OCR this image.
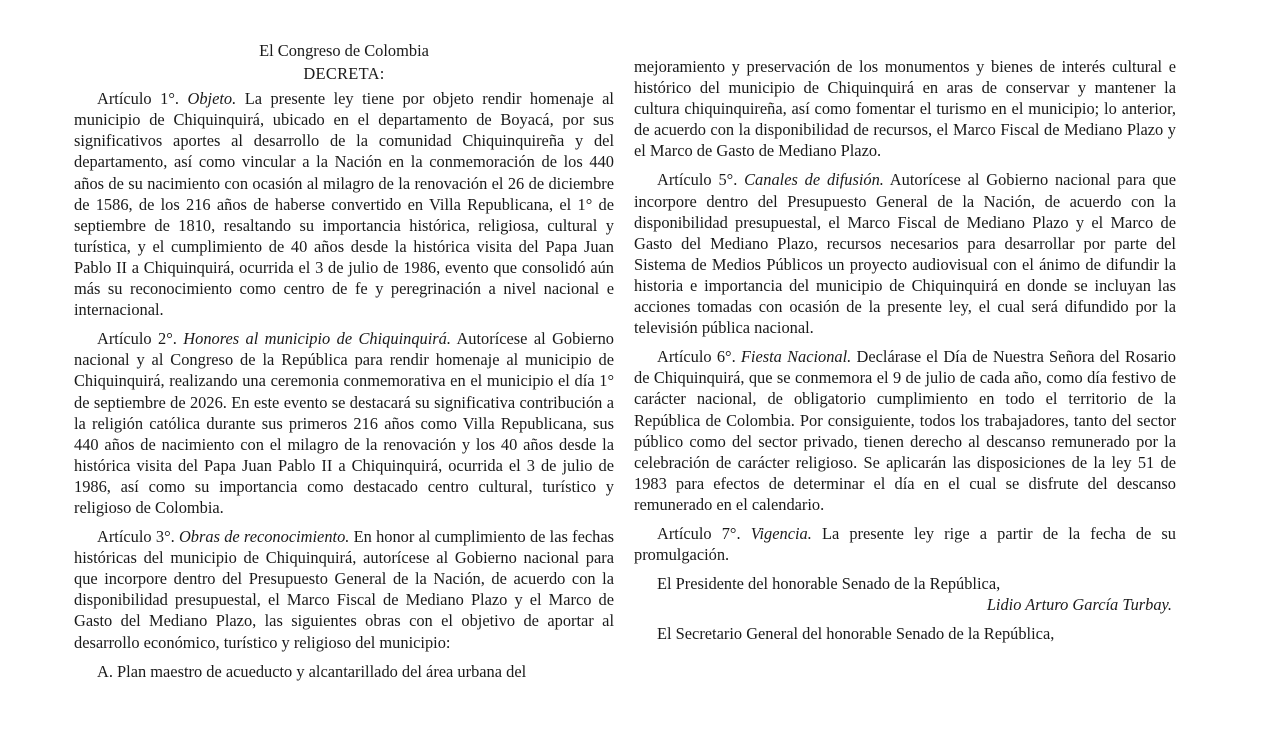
El Congreso de Colombia

DECRETA:

Artículo 1°. Objeto. La presente ley tiene por objeto rendir homenaje al municipio de Chiquinquirá, ubicado en el departamento de Boyacá, por sus significativos aportes al desarrollo de la comunidad Chiquinquireña y del departamento, así como vincular a la Nación en la conmemoración de los 440 años de su nacimiento con ocasión al milagro de la renovación el 26 de diciembre de 1586, de los 216 años de haberse convertido en Villa Republicana, el 1° de septiembre de 1810, resaltando su importancia histórica, religiosa, cultural y turística, y el cumplimiento de 40 años desde la histórica visita del Papa Juan Pablo II a Chiquinquirá, ocurrida el 3 de julio de 1986, evento que consolidó aún más su reconocimiento como centro de fe y peregrinación a nivel nacional e internacional.

Artículo 2°. Honores al municipio de Chiquinquirá. Autorícese al Gobierno nacional y al Congreso de la República para rendir homenaje al municipio de Chiquinquirá, realizando una ceremonia conmemorativa en el municipio el día 1° de septiembre de 2026. En este evento se destacará su significativa contribución a la religión católica durante sus primeros 216 años como Villa Republicana, sus 440 años de nacimiento con el milagro de la renovación y los 40 años desde la histórica visita del Papa Juan Pablo II a Chiquinquirá, ocurrida el 3 de julio de 1986, así como su importancia como destacado centro cultural, turístico y religioso de Colombia.

Artículo 3°. Obras de reconocimiento. En honor al cumplimiento de las fechas históricas del municipio de Chiquinquirá, autorícese al Gobierno nacional para que incorpore dentro del Presupuesto General de la Nación, de acuerdo con la disponibilidad presupuestal, el Marco Fiscal de Mediano Plazo y el Marco de Gasto del Mediano Plazo, las siguientes obras con el objetivo de aportar al desarrollo económico, turístico y religioso del municipio:

A. Plan maestro de acueducto y alcantarillado del área urbana del

mejoramiento y preservación de los monumentos y bienes de interés cultural e histórico del municipio de Chiquinquirá en aras de conservar y mantener la cultura chiquinquireña, así como fomentar el turismo en el municipio; lo anterior, de acuerdo con la disponibilidad de recursos, el Marco Fiscal de Mediano Plazo y el Marco de Gasto de Mediano Plazo.

Artículo 5°. Canales de difusión. Autorícese al Gobierno nacional para que incorpore dentro del Presupuesto General de la Nación, de acuerdo con la disponibilidad presupuestal, el Marco Fiscal de Mediano Plazo y el Marco de Gasto del Mediano Plazo, recursos necesarios para desarrollar por parte del Sistema de Medios Públicos un proyecto audiovisual con el ánimo de difundir la historia e importancia del municipio de Chiquinquirá en donde se incluyan las acciones tomadas con ocasión de la presente ley, el cual será difundido por la televisión pública nacional.

Artículo 6°. Fiesta Nacional. Declárase el Día de Nuestra Señora del Rosario de Chiquinquirá, que se conmemora el 9 de julio de cada año, como día festivo de carácter nacional, de obligatorio cumplimiento en todo el territorio de la República de Colombia. Por consiguiente, todos los trabajadores, tanto del sector público como del sector privado, tienen derecho al descanso remunerado por la celebración de carácter religioso. Se aplicarán las disposiciones de la ley 51 de 1983 para efectos de determinar el día en el cual se disfrute del descanso remunerado en el calendario.

Artículo 7°. Vigencia. La presente ley rige a partir de la fecha de su promulgación.

El Presidente del honorable Senado de la República,
Lidio Arturo García Turbay.
El Secretario General del honorable Senado de la República,
